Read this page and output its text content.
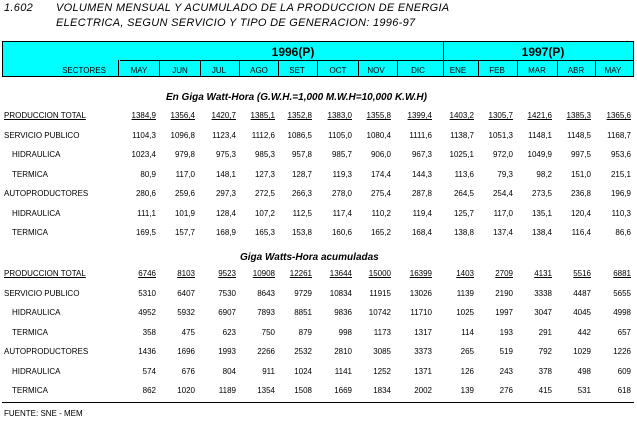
1.602 VOLUMEN MENSUAL Y ACUMULADO DE LA PRODUCCION DE ENERGIA
ELECTRICA, SEGUN SERVICIO Y TIPO DE GENERACION: 1996-97
SECTORES
1996(P)	1997(P)
MAY	JUN	JUL	AGO	SET	OCT	NOV	DIC	ENE	FEB	MAR	ABR	MAY
En Giga Watt-Hora (G.W.H.=1,000 M.W.H=10,000 K.W.H)
PRODUCCION TOTAL	1384,9	1356,4	1420,7	1385,1	1352,8	1383,0	1355,8	1399,4	1403,2	1305,7	1421,6	1385,3	1365,6
SERVICIO PUBLICO	1104,3	1096,8	1123,4	1112,6	1086,5	1105,0	1080,4	1111,6	1138,7	1051,3	1148,1	1148,5	1168,7
HIDRAULICA	1023,4	979,8	975,3	985,3	957,8	985,7	906,0	967,3	1025,1	972,0	1049,9	997,5	953,6
TERMICA	80,9	117,0	148,1	127,3	128,7	119,3	174,4	144,3	113,6	79,3	98,2	151,0	215,1
AUTOPRODUCTORES	280,6	259,6	297,3	272,5	266,3	278,0	275,4	287,8	264,5	254,4	273,5	236,8	196,9
HIDRAULICA	111,1	101,9	128,4	107,2	112,5	117,4	110,2	119,4	125,7	117,0	135,1	120,4	110,3
TERMICA	169,5	157,7	168,9	165,3	153,8	160,6	165,2	168,4	138,8	137,4	138,4	116,4	86,6
Giga Watts-Hora acumuladas
PRODUCCION TOTAL	6746	8103	9523	10908	12261	13644	15000	16399	1403	2709	4131	5516	6881
SERVICIO PUBLICO	5310	6407	7530	8643	9729	10834	11915	13026	1139	2190	3338	4487	5655
HIDRAULICA	4952	5932	6907	7893	8851	9836	10742	11710	1025	1997	3047	4045	4998
TERMICA	358	475	623	750	879	998	1173	1317	114	193	291	442	657
AUTOPRODUCTORES	1436	1696	1993	2266	2532	2810	3085	3373	265	519	792	1029	1226
HIDRAULICA	574	676	804	911	1024	1141	1252	1371	126	243	378	498	609
TERMICA	862	1020	1189	1354	1508	1669	1834	2002	139	276	415	531	618
FUENTE: SNE - MEM
